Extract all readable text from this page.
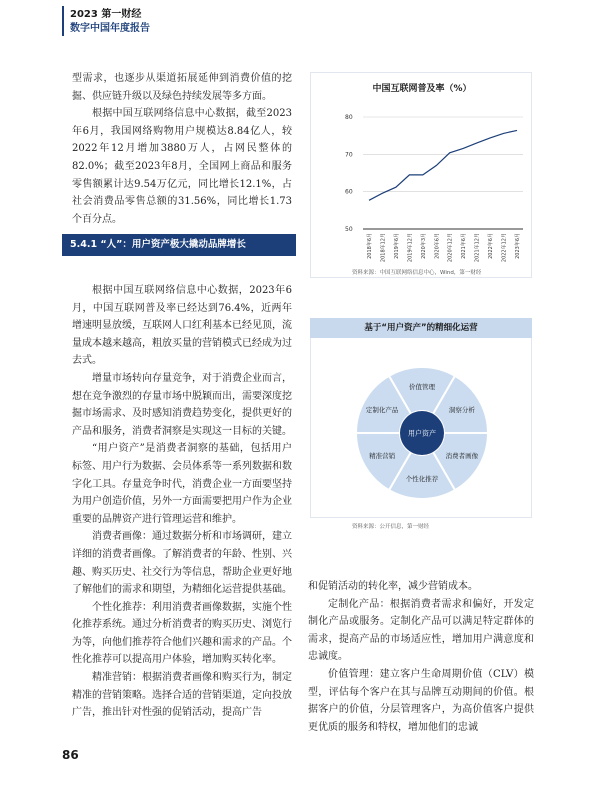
2023 第一财经
数字中国年度报告

型需求，也逐步从渠道拓展延伸到消费价值的挖掘、供应链升级以及绿色持续发展等多方面。

根据中国互联网络信息中心数据，截至2023年6月，我国网络购物用户规模达8.84亿人，较2022年12月增加3880万人，占网民整体的82.0%；截至2023年8月，全国网上商品和服务零售额累计达9.54万亿元，同比增长12.1%，占社会消费品零售总额的31.56%，同比增长1.73个百分点。

5.4.1 “人”：用户资产极大撬动品牌增长

根据中国互联网络信息中心数据，2023年6月，中国互联网普及率已经达到76.4%，近两年增速明显放缓，互联网人口红利基本已经见顶，流量成本越来越高，粗放买量的营销模式已经成为过去式。

增量市场转向存量竞争，对于消费企业而言，想在竞争激烈的存量市场中脱颖而出，需要深度挖掘市场需求、及时感知消费趋势变化，提供更好的产品和服务，消费者洞察是实现这一目标的关键。

“用户资产”是消费者洞察的基础，包括用户标签、用户行为数据、会员体系等一系列数据和数字化工具。存量竞争时代，消费企业一方面要坚持为用户创造价值，另外一方面需要把用户作为企业重要的品牌资产进行管理运营和维护。

消费者画像：通过数据分析和市场调研，建立详细的消费者画像。了解消费者的年龄、性别、兴趣、购买历史、社交行为等信息，帮助企业更好地了解他们的需求和期望，为精细化运营提供基础。

个性化推荐：利用消费者画像数据，实施个性化推荐系统。通过分析消费者的购买历史、浏览行为等，向他们推荐符合他们兴趣和需求的产品。个性化推荐可以提高用户体验，增加购买转化率。

精准营销：根据消费者画像和购买行为，制定精准的营销策略。选择合适的营销渠道，定向投放广告，推出针对性强的促销活动，提高广告

中国互联网普及率（%）
80
70
60
50
2018年6月 2018年12月 2019年6月 2019年12月 2020年3月 2020年6月 2020年12月 2021年6月 2021年12月 2022年6月 2022年12月 2023年6月
资料来源：中国互联网络信息中心，Wind，第一财经
价值管理
洞察分析
消费者画像
个性化推荐
精准营销
定制化产品
用户资产
基于“用户资产”的精细化运营
资料来源：公开信息，第一财经

和促销活动的转化率，减少营销成本。

定制化产品：根据消费者需求和偏好，开发定制化产品或服务。定制化产品可以满足特定群体的需求，提高产品的市场适应性，增加用户满意度和忠诚度。

价值管理：建立客户生命周期价值（CLV）模型，评估每个客户在其与品牌互动期间的价值。根据客户的价值，分层管理客户，为高价值客户提供更优质的服务和特权，增加他们的忠诚

86
